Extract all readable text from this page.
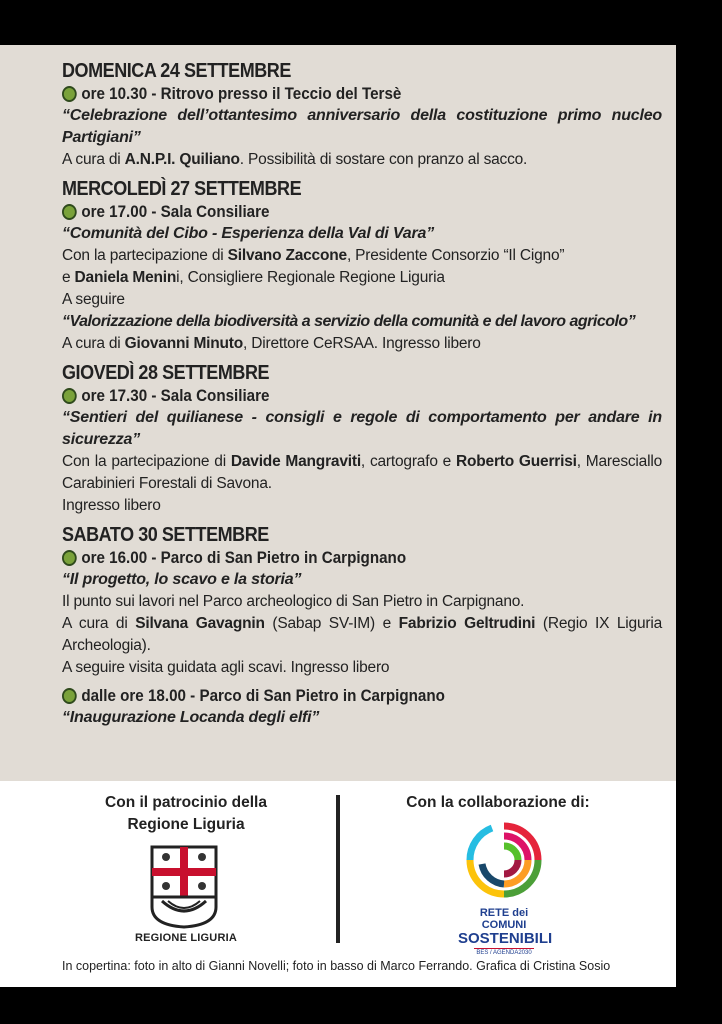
DOMENICA 24 SETTEMBRE
ore 10.30 - Ritrovo presso il Teccio del Tersè
“Celebrazione dell’ottantesimo anniversario della costituzione primo nucleo Partigiani”
A cura di A.N.P.I. Quiliano. Possibilità di sostare con pranzo al sacco.
MERCOLEDÌ 27 SETTEMBRE
ore 17.00 - Sala Consiliare
“Comunità del Cibo - Esperienza della Val di Vara”
Con la partecipazione di Silvano Zaccone, Presidente Consorzio “Il Cigno”
e Daniela Menini, Consigliere Regionale Regione Liguria
A seguire
“Valorizzazione della biodiversità a servizio della comunità e del lavoro agricolo”
A cura di Giovanni Minuto, Direttore CeRSAA. Ingresso libero
GIOVEDÌ 28 SETTEMBRE
ore 17.30 - Sala Consiliare
“Sentieri del quilianese - consigli e regole di comportamento per andare in sicurezza”
Con la partecipazione di Davide Mangraviti, cartografo e Roberto Guerrisi, Maresciallo Carabinieri Forestali di Savona.
Ingresso libero
SABATO 30 SETTEMBRE
ore 16.00 - Parco di San Pietro in Carpignano
“Il progetto, lo scavo e la storia”
Il punto sui lavori nel Parco archeologico di San Pietro in Carpignano.
A cura di Silvana Gavagnin (Sabap SV-IM) e Fabrizio Geltrudini (Regio IX Liguria Archeologia).
A seguire visita guidata agli scavi. Ingresso libero
dalle ore 18.00 - Parco di San Pietro in Carpignano
“Inaugurazione Locanda degli elfi”
Con il patrocinio della
Regione Liguria
REGIONE LIGURIA
Con la collaborazione di:
RETE dei COMUNI
SOSTENIBILI
BES / AGENDA2030
In copertina: foto in alto di Gianni Novelli; foto in basso di Marco Ferrando. Grafica di Cristina Sosio
